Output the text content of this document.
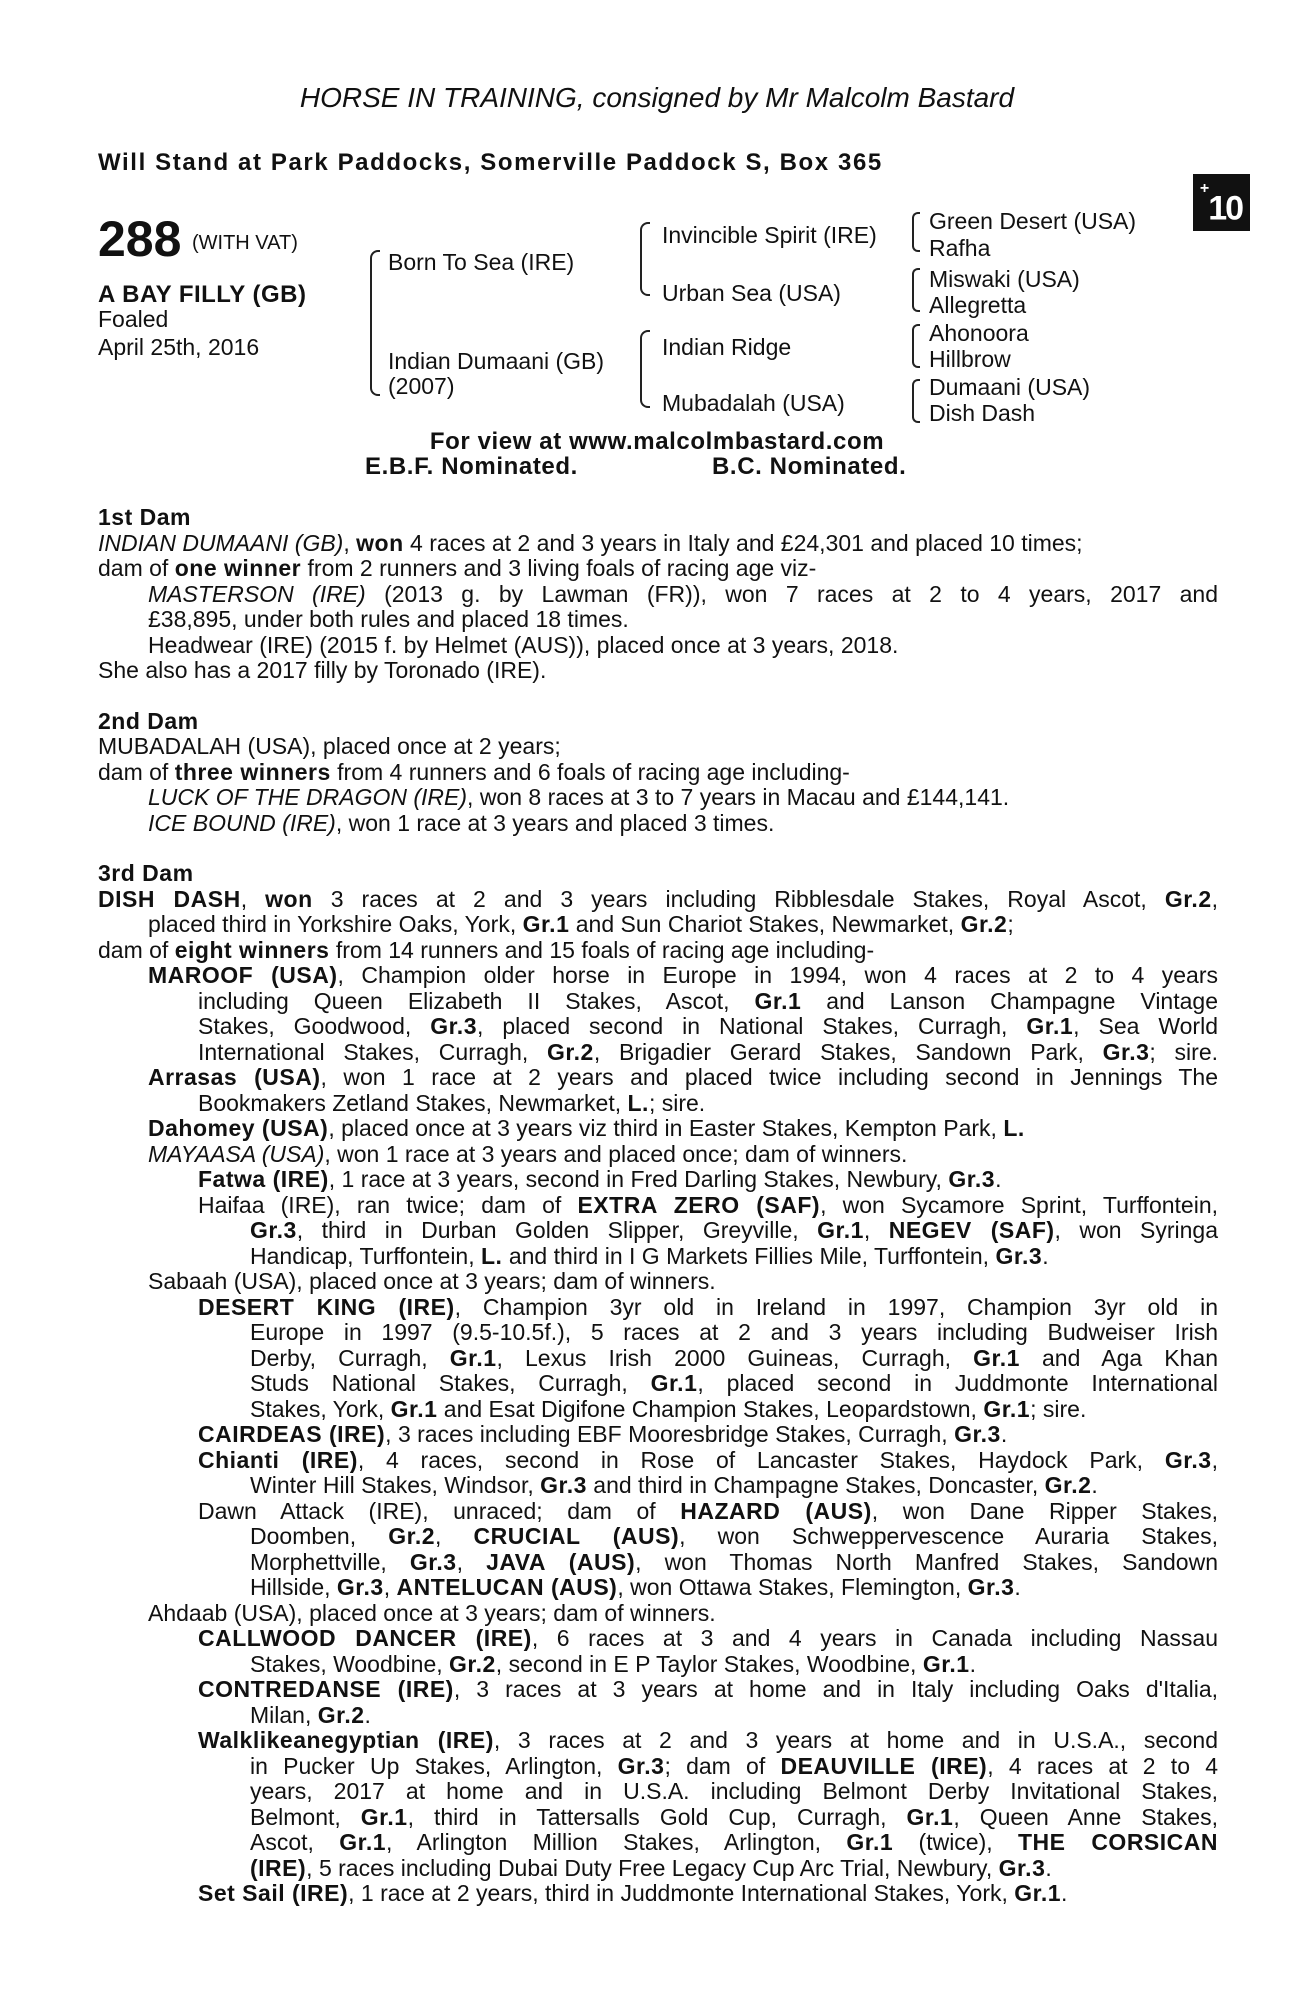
HORSE IN TRAINING, consigned by Mr Malcolm Bastard
Will Stand at Park Paddocks, Somerville Paddock S, Box 365
+10
288 (WITH VAT)
A BAY FILLY (GB)
Foaled
April 25th, 2016
Born To Sea (IRE)
Indian Dumaani (GB)
(2007)
Invincible Spirit (IRE)
Urban Sea (USA)
Indian Ridge
Mubadalah (USA)
Green Desert (USA)
Rafha
Miswaki (USA)
Allegretta
Ahonoora
Hillbrow
Dumaani (USA)
Dish Dash
For view at www.malcolmbastard.com
E.B.F. Nominated.	B.C. Nominated.

1st Dam

INDIAN DUMAANI (GB), won 4 races at 2 and 3 years in Italy and £24,301 and placed 10 times;

dam of one winner from 2 runners and 3 living foals of racing age viz-

MASTERSON (IRE) (2013 g. by Lawman (FR)), won 7 races at 2 to 4 years, 2017 and

£38,895, under both rules and placed 18 times.

Headwear (IRE) (2015 f. by Helmet (AUS)), placed once at 3 years, 2018.

She also has a 2017 filly by Toronado (IRE).

2nd Dam

MUBADALAH (USA), placed once at 2 years;

dam of three winners from 4 runners and 6 foals of racing age including-

LUCK OF THE DRAGON (IRE), won 8 races at 3 to 7 years in Macau and £144,141.

ICE BOUND (IRE), won 1 race at 3 years and placed 3 times.

3rd Dam

DISH DASH, won 3 races at 2 and 3 years including Ribblesdale Stakes, Royal Ascot, Gr.2,

placed third in Yorkshire Oaks, York, Gr.1 and Sun Chariot Stakes, Newmarket, Gr.2;

dam of eight winners from 14 runners and 15 foals of racing age including-

MAROOF (USA), Champion older horse in Europe in 1994, won 4 races at 2 to 4 years

including Queen Elizabeth II Stakes, Ascot, Gr.1 and Lanson Champagne Vintage

Stakes, Goodwood, Gr.3, placed second in National Stakes, Curragh, Gr.1, Sea World

International Stakes, Curragh, Gr.2, Brigadier Gerard Stakes, Sandown Park, Gr.3; sire.

Arrasas (USA), won 1 race at 2 years and placed twice including second in Jennings The

Bookmakers Zetland Stakes, Newmarket, L.; sire.

Dahomey (USA), placed once at 3 years viz third in Easter Stakes, Kempton Park, L.

MAYAASA (USA), won 1 race at 3 years and placed once; dam of winners.

Fatwa (IRE), 1 race at 3 years, second in Fred Darling Stakes, Newbury, Gr.3.

Haifaa (IRE), ran twice; dam of EXTRA ZERO (SAF), won Sycamore Sprint, Turffontein,

Gr.3, third in Durban Golden Slipper, Greyville, Gr.1, NEGEV (SAF), won Syringa

Handicap, Turffontein, L. and third in I G Markets Fillies Mile, Turffontein, Gr.3.

Sabaah (USA), placed once at 3 years; dam of winners.

DESERT KING (IRE), Champion 3yr old in Ireland in 1997, Champion 3yr old in

Europe in 1997 (9.5-10.5f.), 5 races at 2 and 3 years including Budweiser Irish

Derby, Curragh, Gr.1, Lexus Irish 2000 Guineas, Curragh, Gr.1 and Aga Khan

Studs National Stakes, Curragh, Gr.1, placed second in Juddmonte International

Stakes, York, Gr.1 and Esat Digifone Champion Stakes, Leopardstown, Gr.1; sire.

CAIRDEAS (IRE), 3 races including EBF Mooresbridge Stakes, Curragh, Gr.3.

Chianti (IRE), 4 races, second in Rose of Lancaster Stakes, Haydock Park, Gr.3,

Winter Hill Stakes, Windsor, Gr.3 and third in Champagne Stakes, Doncaster, Gr.2.

Dawn Attack (IRE), unraced; dam of HAZARD (AUS), won Dane Ripper Stakes,

Doomben, Gr.2, CRUCIAL (AUS), won Schweppervescence Auraria Stakes,

Morphettville, Gr.3, JAVA (AUS), won Thomas North Manfred Stakes, Sandown

Hillside, Gr.3, ANTELUCAN (AUS), won Ottawa Stakes, Flemington, Gr.3.

Ahdaab (USA), placed once at 3 years; dam of winners.

CALLWOOD DANCER (IRE), 6 races at 3 and 4 years in Canada including Nassau

Stakes, Woodbine, Gr.2, second in E P Taylor Stakes, Woodbine, Gr.1.

CONTREDANSE (IRE), 3 races at 3 years at home and in Italy including Oaks d'Italia,

Milan, Gr.2.

Walklikeanegyptian (IRE), 3 races at 2 and 3 years at home and in U.S.A., second

in Pucker Up Stakes, Arlington, Gr.3; dam of DEAUVILLE (IRE), 4 races at 2 to 4

years, 2017 at home and in U.S.A. including Belmont Derby Invitational Stakes,

Belmont, Gr.1, third in Tattersalls Gold Cup, Curragh, Gr.1, Queen Anne Stakes,

Ascot, Gr.1, Arlington Million Stakes, Arlington, Gr.1 (twice), THE CORSICAN

(IRE), 5 races including Dubai Duty Free Legacy Cup Arc Trial, Newbury, Gr.3.

Set Sail (IRE), 1 race at 2 years, third in Juddmonte International Stakes, York, Gr.1.
